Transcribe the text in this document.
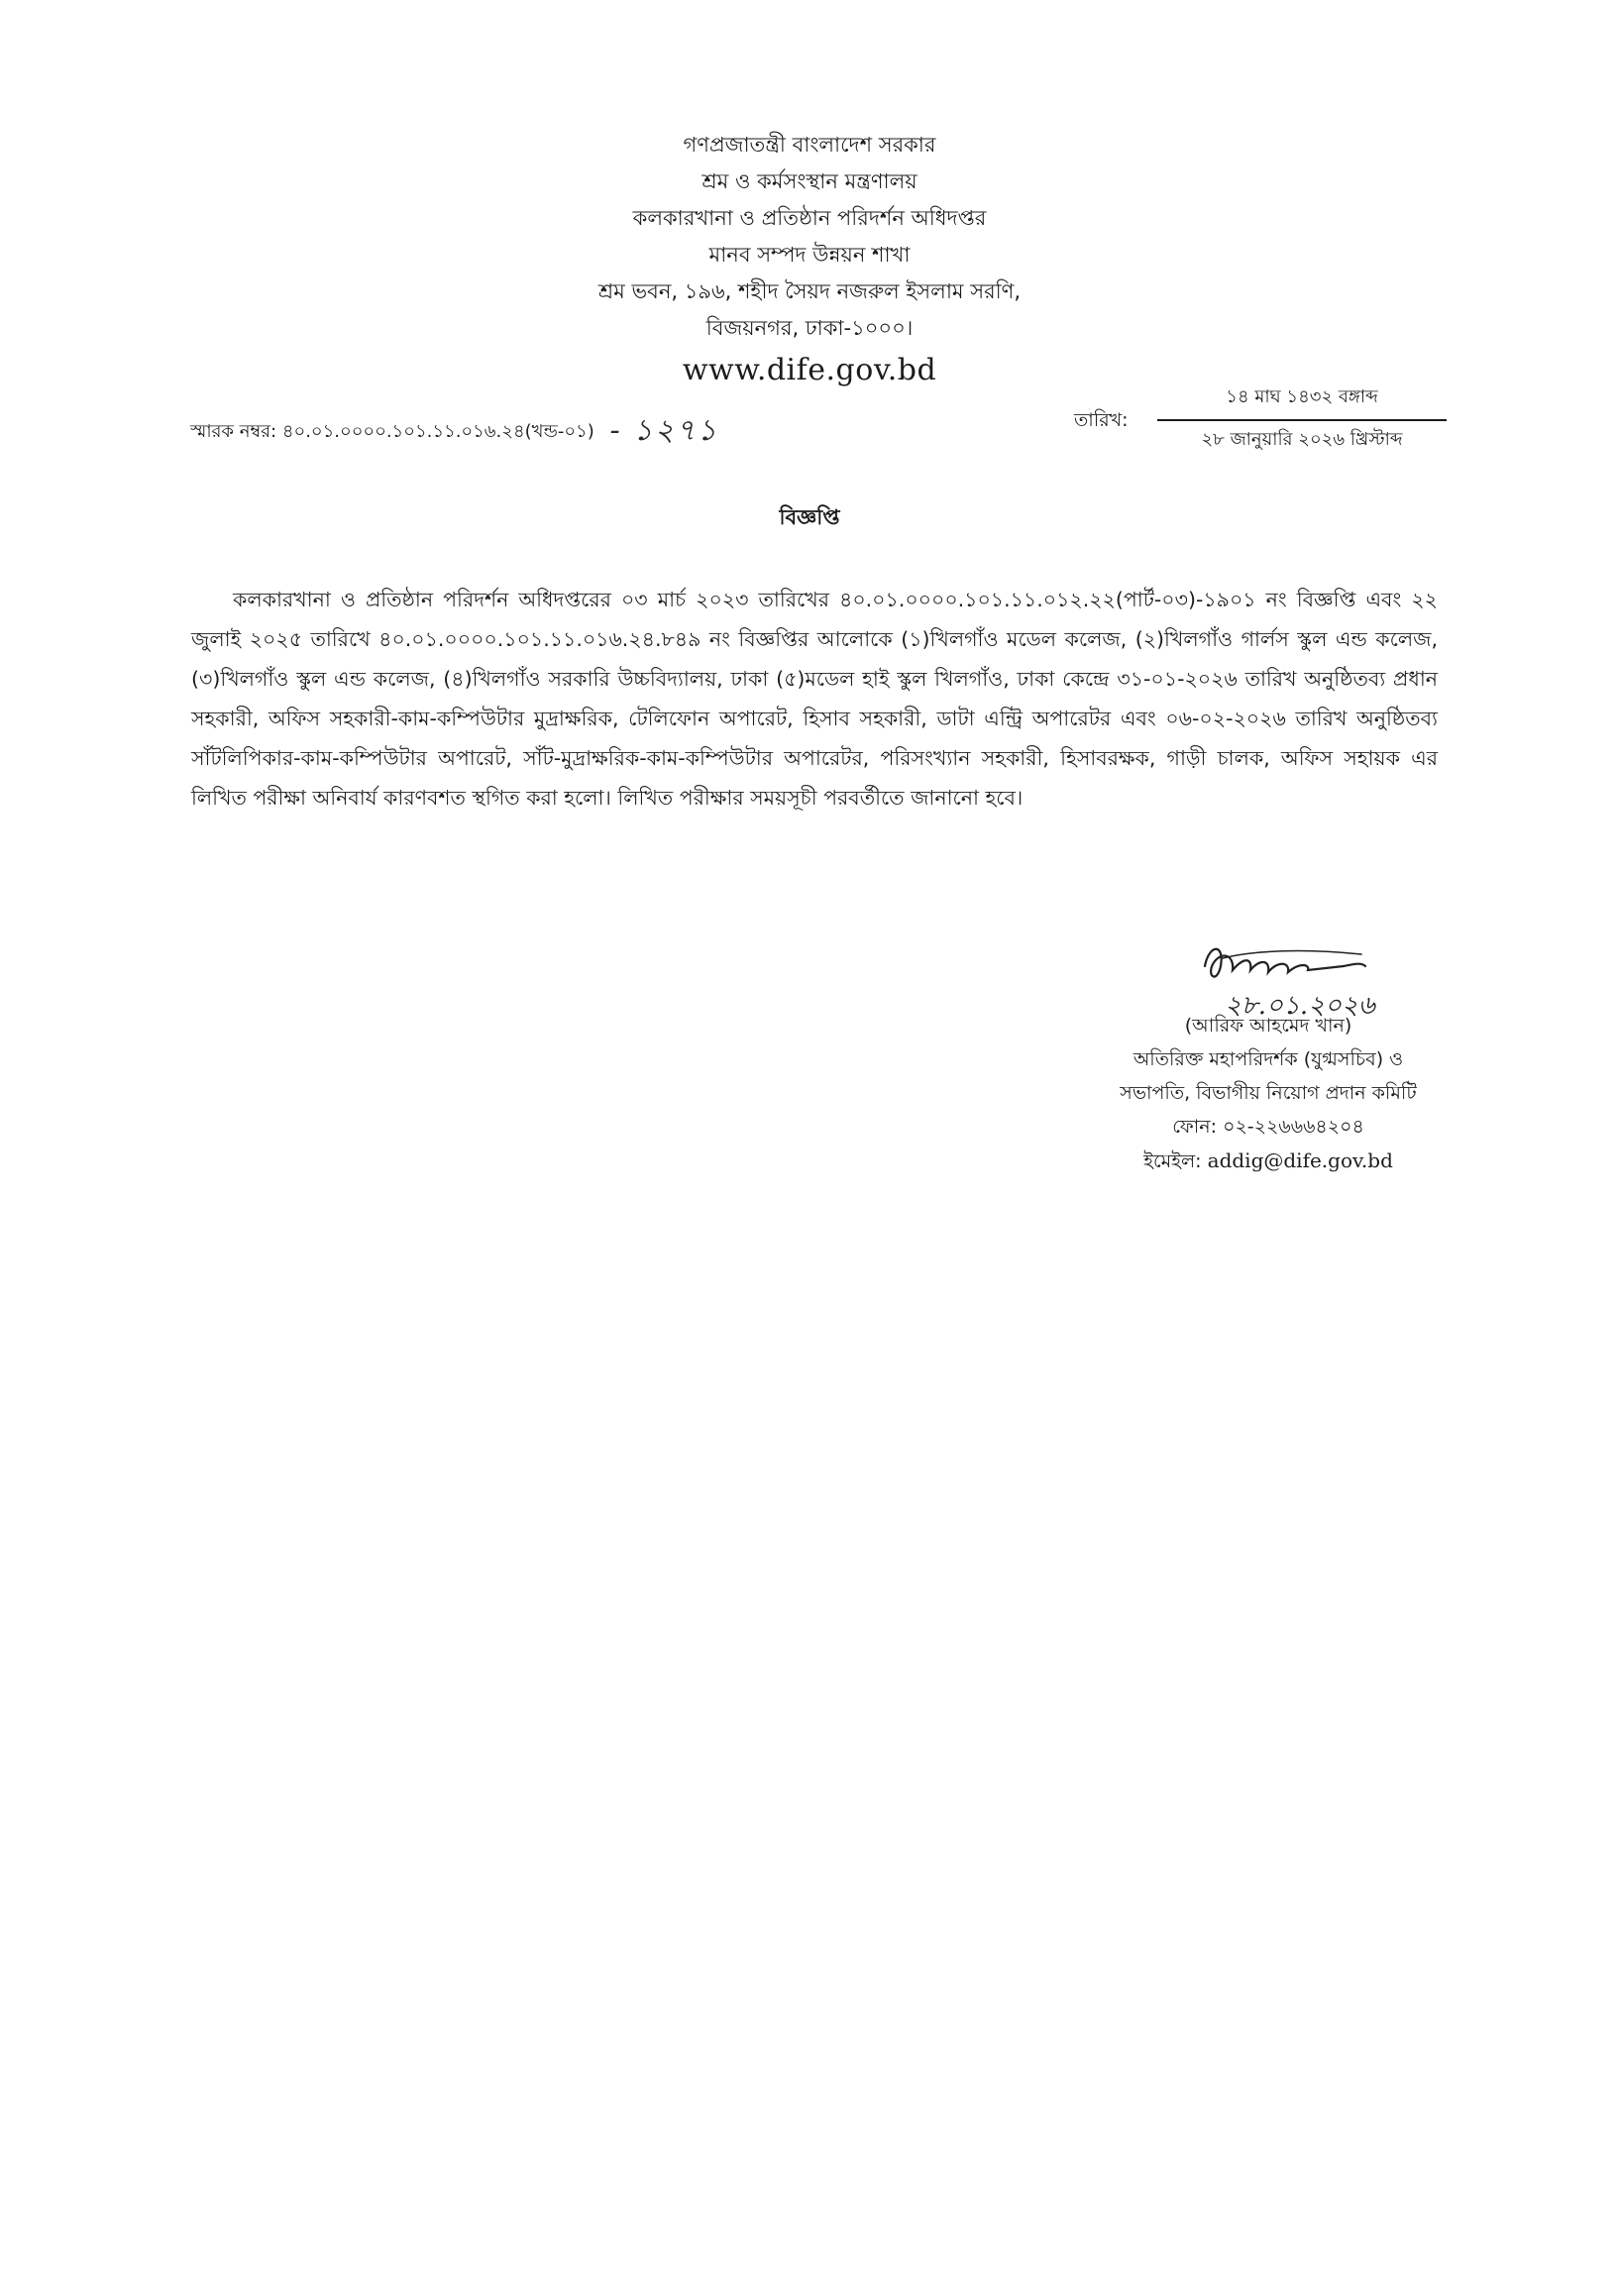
গণপ্রজাতন্ত্রী বাংলাদেশ সরকার
শ্রম ও কর্মসংস্থান মন্ত্রণালয়
কলকারখানা ও প্রতিষ্ঠান পরিদর্শন অধিদপ্তর
মানব সম্পদ উন্নয়ন শাখা
শ্রম ভবন, ১৯৬, শহীদ সৈয়দ নজরুল ইসলাম সরণি,
বিজয়নগর, ঢাকা-১০০০।
www.dife.gov.bd
স্মারক নম্বর: ৪০.০১.০০০০.১০১.১১.০১৬.২৪(খন্ড-০১) - ১২৭১	তারিখ:
১৪ মাঘ ১৪৩২ বঙ্গাব্দ
২৮ জানুয়ারি ২০২৬ খ্রিস্টাব্দ
বিজ্ঞপ্তি
কলকারখানা ও প্রতিষ্ঠান পরিদর্শন অধিদপ্তরের ০৩ মার্চ ২০২৩ তারিখের ৪০.০১.০০০০.১০১.১১.০১২.২২(পার্ট-০৩)-১৯০১ নং বিজ্ঞপ্তি এবং ২২ জুলাই ২০২৫ তারিখে ৪০.০১.০০০০.১০১.১১.০১৬.২৪.৮৪৯ নং বিজ্ঞপ্তির আলোকে (১)খিলগাঁও মডেল কলেজ, (২)খিলগাঁও গার্লস স্কুল এন্ড কলেজ, (৩)খিলগাঁও স্কুল এন্ড কলেজ, (৪)খিলগাঁও সরকারি উচ্চবিদ্যালয়, ঢাকা (৫)মডেল হাই স্কুল খিলগাঁও, ঢাকা কেন্দ্রে ৩১-০১-২০২৬ তারিখ অনুষ্ঠিতব্য প্রধান সহকারী, অফিস সহকারী-কাম-কম্পিউটার মুদ্রাক্ষরিক, টেলিফোন অপারেট, হিসাব সহকারী, ডাটা এন্ট্রি অপারেটর এবং ০৬-০২-২০২৬ তারিখ অনুষ্ঠিতব্য সাঁটলিপিকার-কাম-কম্পিউটার অপারেট, সাঁট-মুদ্রাক্ষরিক-কাম-কম্পিউটার অপারেটর, পরিসংখ্যান সহকারী, হিসাবরক্ষক, গাড়ী চালক, অফিস সহায়ক এর লিখিত পরীক্ষা অনিবার্য কারণবশত স্থগিত করা হলো। লিখিত পরীক্ষার সময়সূচী পরবর্তীতে জানানো হবে।
২৮.০১.২০২৬
(আরিফ আহমেদ খান)
অতিরিক্ত মহাপরিদর্শক (যুগ্মসচিব) ও
সভাপতি, বিভাগীয় নিয়োগ প্রদান কমিটি
ফোন: ০২-২২৬৬৬৪২০৪
ইমেইল: addig@dife.gov.bd
